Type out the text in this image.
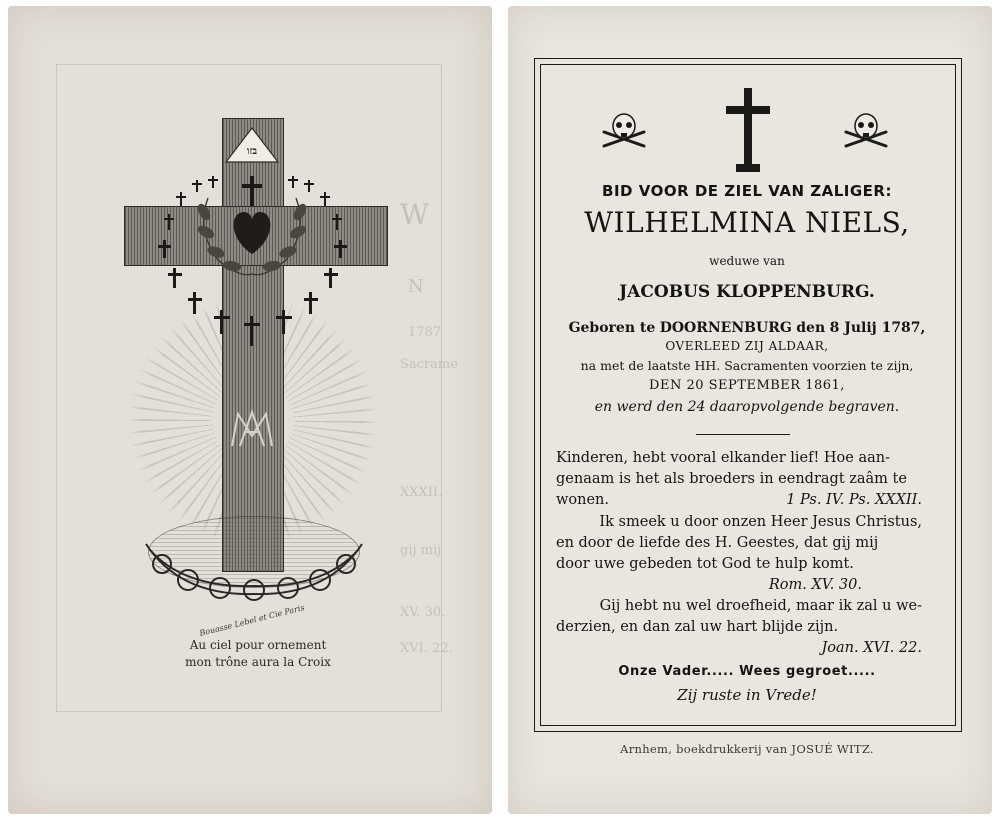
W
N
1787
Sacrame
XXXII.
gij mij
XV. 30.
XVI. 22.
בזו
Bouasse Lebel et Cie Paris
Au ciel pour ornement
mon trône aura la Croix
BID VOOR DE ZIEL VAN ZALIGER:
WILHELMINA NIELS,
weduwe van
JACOBUS KLOPPENBURG.
Geboren te DOORNENBURG den 8 Julij 1787,
OVERLEED ZIJ ALDAAR,
na met de laatste HH. Sacramenten voorzien te zijn,
DEN 20 SEPTEMBER 1861,
en werd den 24 daaropvolgende begraven.
Kinderen, hebt vooral elkander lief! Hoe aan-
genaam is het als broeders in eendragt zaâm te
wonen.	1 Ps. IV. Ps. XXXII.
Ik smeek u door onzen Heer Jesus Christus,
en door de liefde des H. Geestes, dat gij mij
door uwe gebeden tot God te hulp komt.
Rom. XV. 30.
Gij hebt nu wel droefheid, maar ik zal u we-
derzien, en dan zal uw hart blijde zijn.
Joan. XVI. 22.
Onze Vader..... Wees gegroet.....
Zij ruste in Vrede!
Arnhem, boekdrukkerij van JOSUÉ WITZ.
